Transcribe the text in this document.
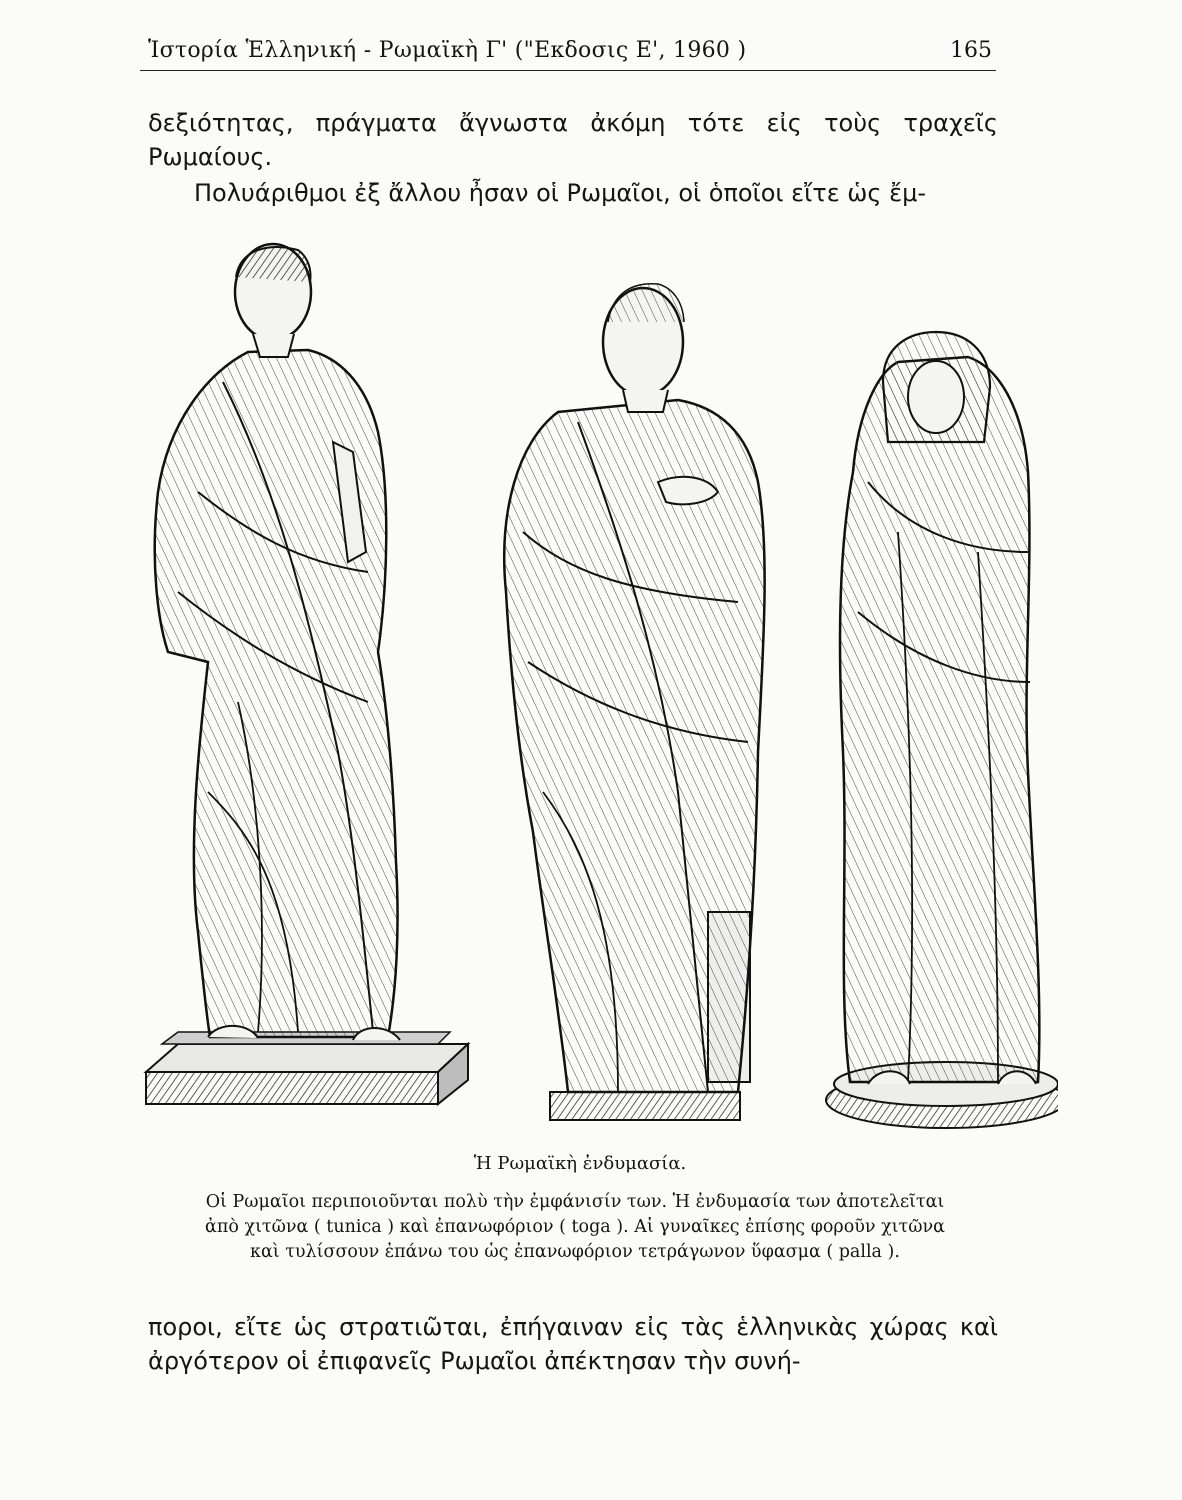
Ἱστορία Ἑλληνική - Ρωμαϊκὴ Γ' ("Εκδοσις Ε', 1960 )	165

δεξιότητας, πράγματα ἄγνωστα ἀκόμη τότε εἰς τοὺς τραχεῖς Ρωμαίους.

Πολυάριθμοι ἐξ ἄλλου ἦσαν οἱ Ρωμαῖοι, οἱ ὁποῖοι εἴτε ὡς ἔμ-

Ἡ Ρωμαϊκὴ ἐνδυμασία.
Οἱ Ρωμαῖοι περιποιοῦνται πολὺ τὴν ἐμφάνισίν των. Ἡ ἐνδυμασία των ἀποτελεῖται
ἀπὸ χιτῶνα ( tunica ) καὶ ἐπανωφόριον ( toga ). Αἱ γυναῖκες ἐπίσης φοροῦν χιτῶνα
καὶ τυλίσσουν ἐπάνω του ὡς ἐπανωφόριον τετράγωνον ὕφασμα ( palla ).

ποροι, εἴτε ὡς στρατιῶται, ἐπήγαιναν εἰς τὰς ἑλληνικὰς χώρας καὶ ἀργότερον οἱ ἐπιφανεῖς Ρωμαῖοι ἀπέκτησαν τὴν συνή-
